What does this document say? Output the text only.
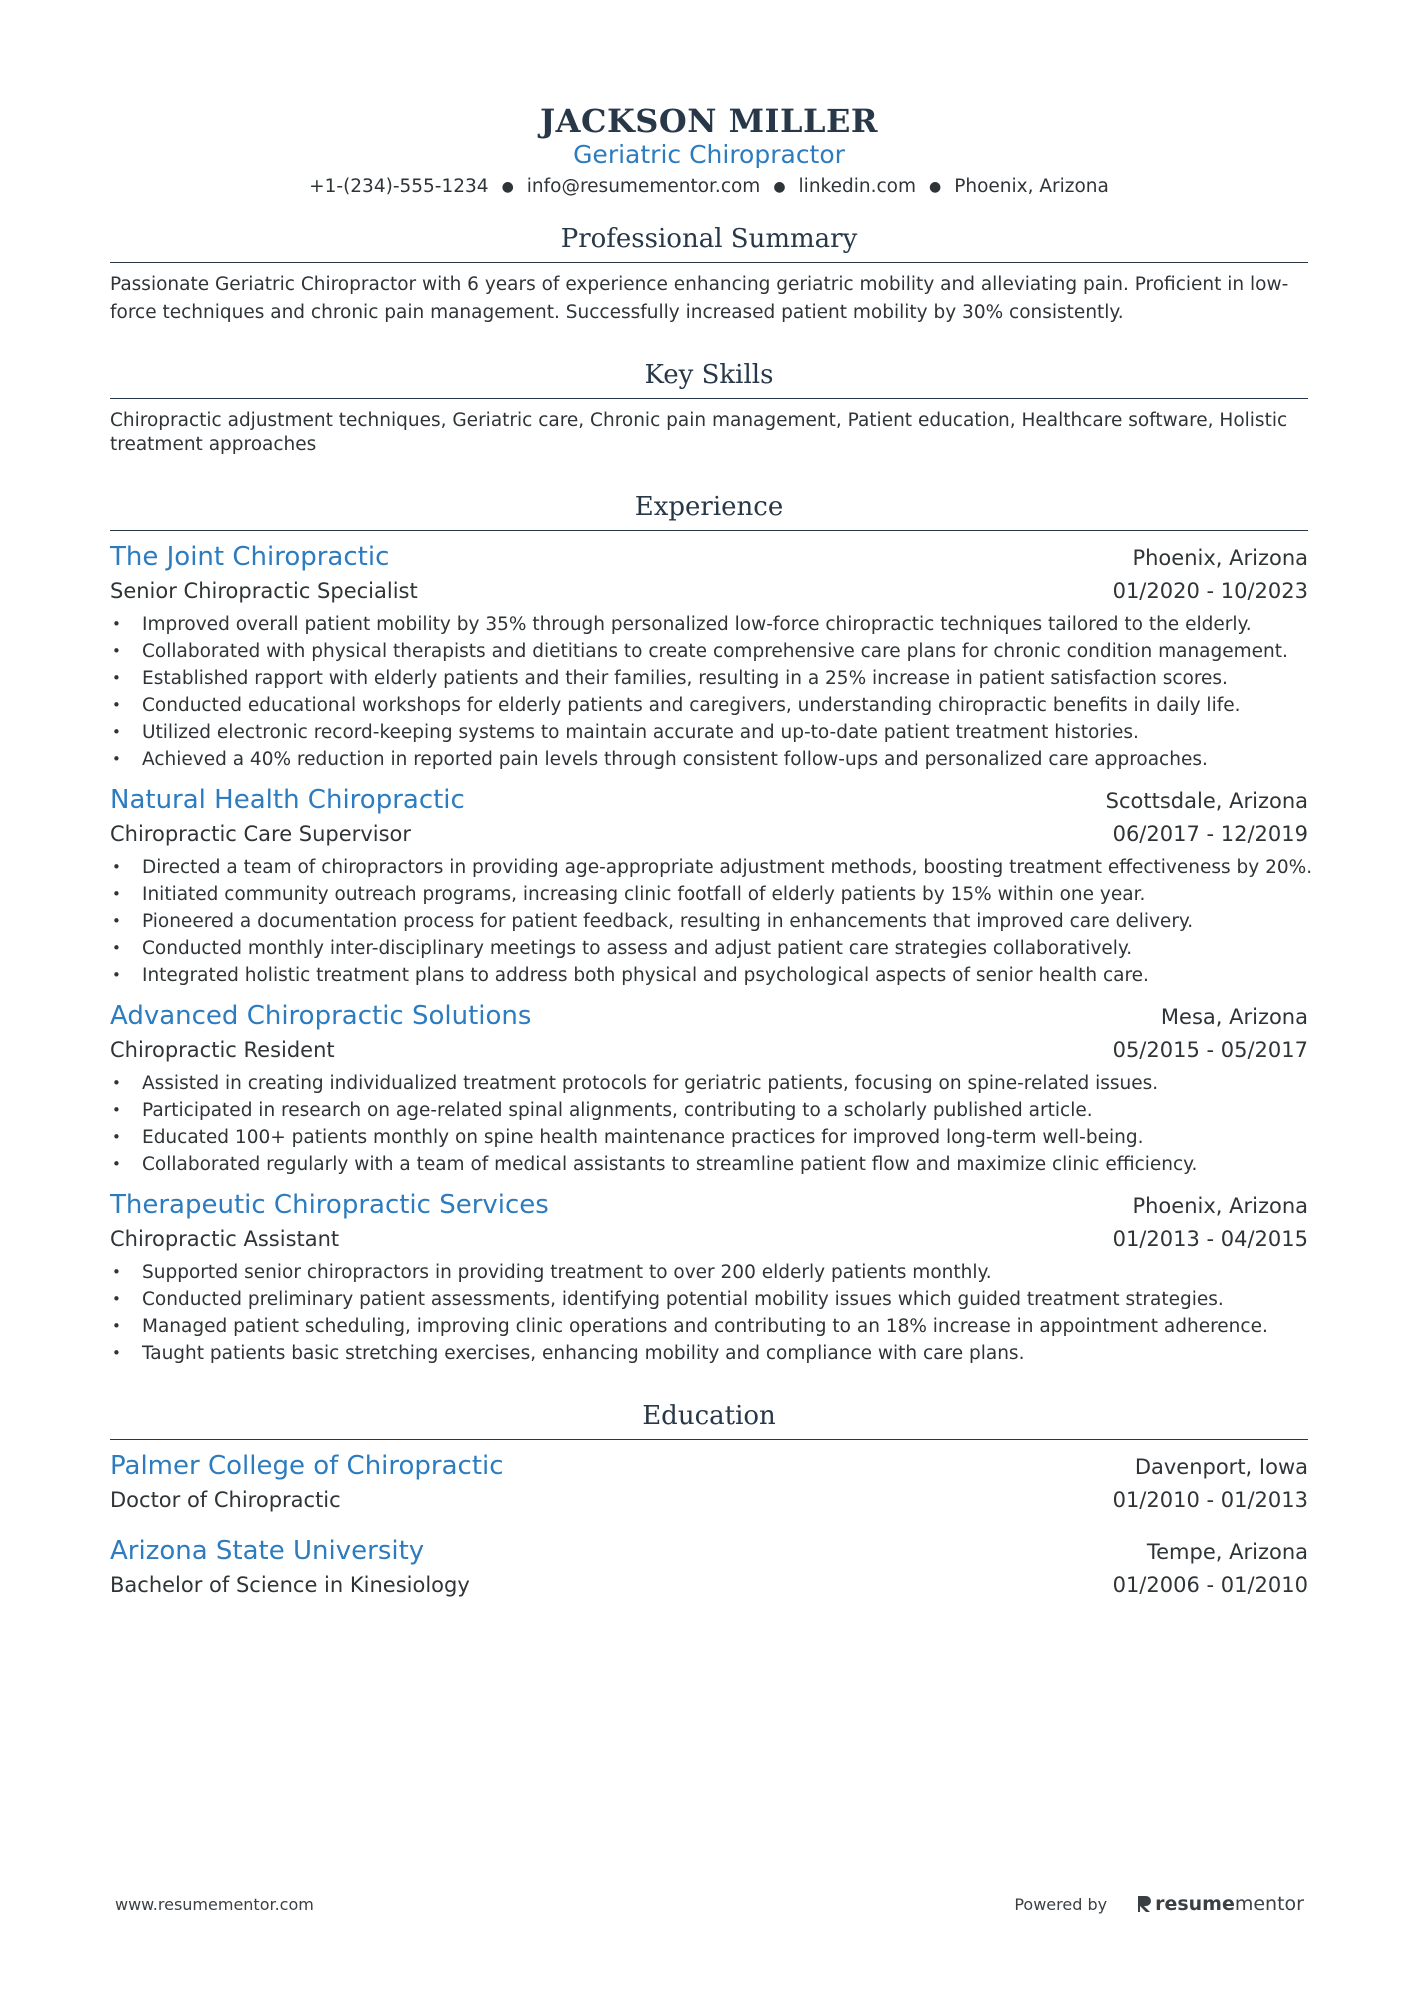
JACKSON MILLER
Geriatric Chiropractor
+1-(234)-555-1234 ● info@resumementor.com ● linkedin.com ● Phoenix, Arizona
Professional Summary
Passionate Geriatric Chiropractor with 6 years of experience enhancing geriatric mobility and alleviating pain. Proficient in low-force techniques and chronic pain management. Successfully increased patient mobility by 30% consistently.
Key Skills
Chiropractic adjustment techniques, Geriatric care, Chronic pain management, Patient education, Healthcare software, Holistic treatment approaches
Experience
The Joint Chiropractic	Phoenix, Arizona
Senior Chiropractic Specialist	01/2020 - 10/2023
• Improved overall patient mobility by 35% through personalized low-force chiropractic techniques tailored to the elderly.
• Collaborated with physical therapists and dietitians to create comprehensive care plans for chronic condition management.
• Established rapport with elderly patients and their families, resulting in a 25% increase in patient satisfaction scores.
• Conducted educational workshops for elderly patients and caregivers, understanding chiropractic benefits in daily life.
• Utilized electronic record-keeping systems to maintain accurate and up-to-date patient treatment histories.
• Achieved a 40% reduction in reported pain levels through consistent follow-ups and personalized care approaches.
Natural Health Chiropractic	Scottsdale, Arizona
Chiropractic Care Supervisor	06/2017 - 12/2019
• Directed a team of chiropractors in providing age-appropriate adjustment methods, boosting treatment effectiveness by 20%.
• Initiated community outreach programs, increasing clinic footfall of elderly patients by 15% within one year.
• Pioneered a documentation process for patient feedback, resulting in enhancements that improved care delivery.
• Conducted monthly inter-disciplinary meetings to assess and adjust patient care strategies collaboratively.
• Integrated holistic treatment plans to address both physical and psychological aspects of senior health care.
Advanced Chiropractic Solutions	Mesa, Arizona
Chiropractic Resident	05/2015 - 05/2017
• Assisted in creating individualized treatment protocols for geriatric patients, focusing on spine-related issues.
• Participated in research on age-related spinal alignments, contributing to a scholarly published article.
• Educated 100+ patients monthly on spine health maintenance practices for improved long-term well-being.
• Collaborated regularly with a team of medical assistants to streamline patient flow and maximize clinic efficiency.
Therapeutic Chiropractic Services	Phoenix, Arizona
Chiropractic Assistant	01/2013 - 04/2015
• Supported senior chiropractors in providing treatment to over 200 elderly patients monthly.
• Conducted preliminary patient assessments, identifying potential mobility issues which guided treatment strategies.
• Managed patient scheduling, improving clinic operations and contributing to an 18% increase in appointment adherence.
• Taught patients basic stretching exercises, enhancing mobility and compliance with care plans.
Education
Palmer College of Chiropractic	Davenport, Iowa
Doctor of Chiropractic	01/2010 - 01/2013
Arizona State University	Tempe, Arizona
Bachelor of Science in Kinesiology	01/2006 - 01/2010
www.resumementor.com	Powered by	resume mentor
